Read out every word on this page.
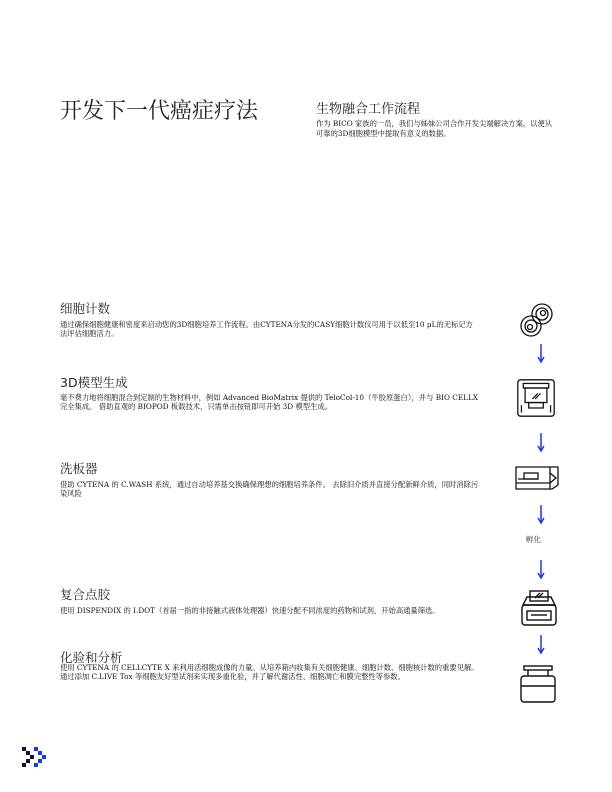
开发下一代癌症疗法	生物融合工作流程
作为 BICO 家族的一员，我们与姊妹公司合作开发尖端解决方案，以便从可靠的3D细胞模型中提取有意义的数据。
细胞计数
通过确保细胞健康和密度来启动您的3D细胞培养工作流程。由CYTENA分发的CASY细胞计数仪可用于以低至10 μL的无标记方法评估细胞活力。
3D模型生成
毫不费力地将细胞混合到定制的生物材料中，例如 Advanced BioMatrix 提供的 TeloCol-10（牛胶原蛋白），并与 BIO CELLX 完全集成。 借助直观的 BIOPOD 板载技术，只需单击按钮即可开始 3D 模型生成。
洗板器
借助 CYTENA 的 C.WASH 系统，通过自动培养基交换确保理想的细胞培养条件。 去除旧介质并直接分配新鲜介质，同时消除污染风险
复合点胶
使用 DISPENDIX 的 I.DOT（首届一指的非接触式液体处理器）快速分配不同浓度的药物和试剂，开始高通量筛选。
化验和分析
使用 CYTENA 的 CELLCYTE X 来利用活细胞成像的力量。从培养箱内收集有关细胞健康、细胞计数、细胞核计数的重要见解。 通过添加 C.LIVE Tox 等细胞友好型试剂来实现多重化验，并了解代谢活性、细胞凋亡和膜完整性等参数。
孵化
